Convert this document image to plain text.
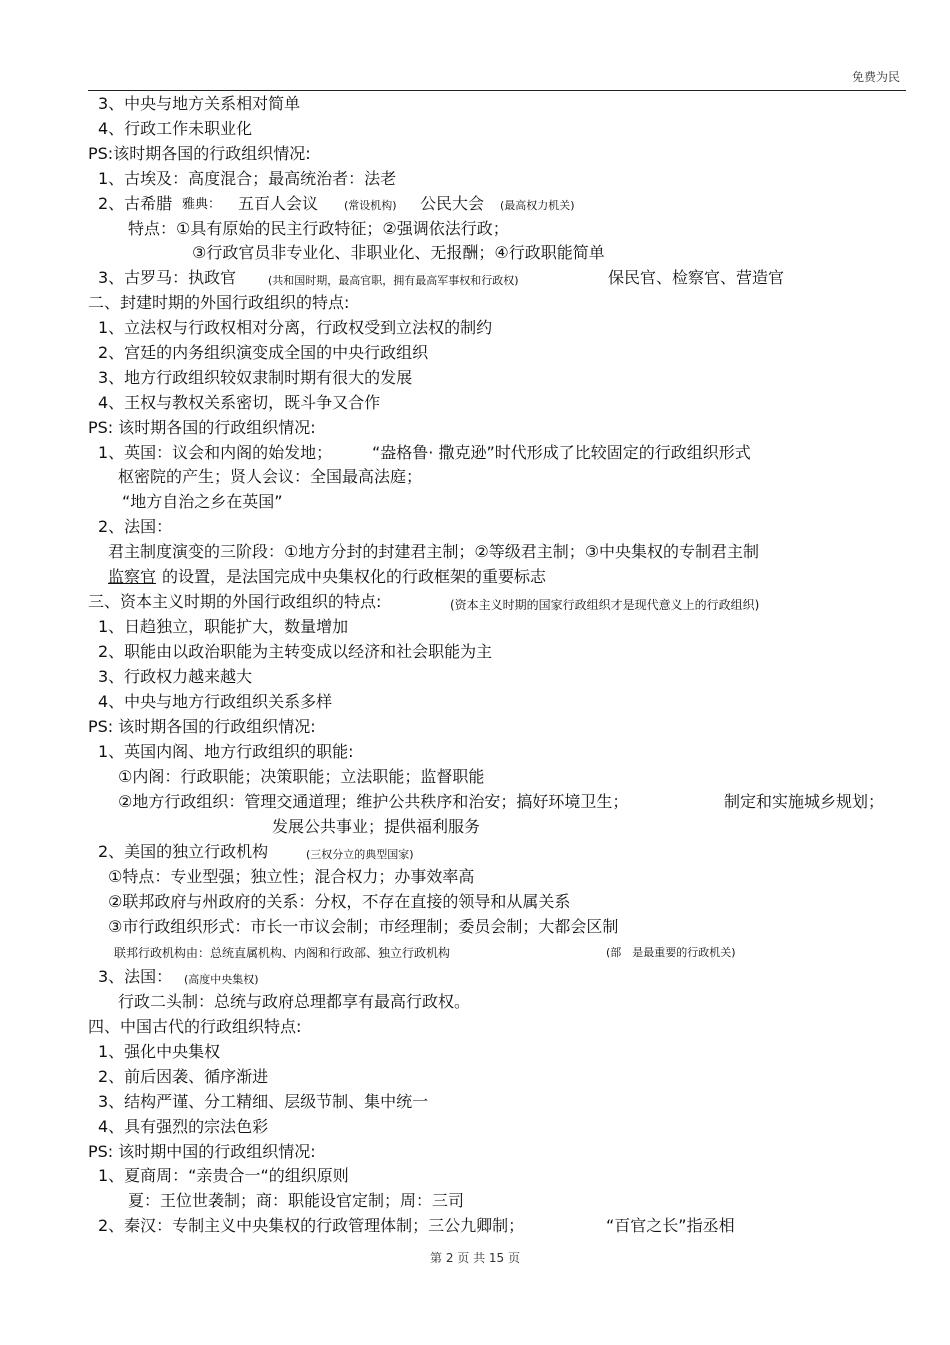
免费为民
3、中央与地方关系相对简单
4、行政工作未职业化
PS:该时期各国的行政组织情况:
1、古埃及：高度混合；最高统治者：法老
2、古希腊 雅典： 五百人会议 (常设机构) 公民大会 (最高权力机关)
特点：①具有原始的民主行政特征；②强调依法行政；
③行政官员非专业化、非职业化、无报酬；④行政职能简单
3、古罗马：执政官	(共和国时期，最高官职，拥有最高军事权和行政权)	保民官、检察官、营造官
二、封建时期的外国行政组织的特点:
1、立法权与行政权相对分离，行政权受到立法权的制约
2、宫廷的内务组织演变成全国的中央行政组织
3、地方行政组织较奴隶制时期有很大的发展
4、王权与教权关系密切，既斗争又合作
PS: 该时期各国的行政组织情况:
1、英国：议会和内阁的始发地； “盎格鲁· 撒克逊”时代形成了比较固定的行政组织形式
枢密院的产生；贤人会议：全国最高法庭；
“地方自治之乡在英国”
2、法国：
君主制度演变的三阶段：①地方分封的封建君主制；②等级君主制；③中央集权的专制君主制
监察官 的设置，是法国完成中央集权化的行政框架的重要标志
三、资本主义时期的外国行政组织的特点:	(资本主义时期的国家行政组织才是现代意义上的行政组织)
1、日趋独立，职能扩大，数量增加
2、职能由以政治职能为主转变成以经济和社会职能为主
3、行政权力越来越大
4、中央与地方行政组织关系多样
PS: 该时期各国的行政组织情况:
1、英国内阁、地方行政组织的职能:
①内阁：行政职能；决策职能；立法职能；监督职能
②地方行政组织：管理交通道理；维护公共秩序和治安；搞好环境卫生；	制定和实施城乡规划；
发展公共事业；提供福利服务
2、美国的独立行政机构	(三权分立的典型国家)
①特点：专业型强；独立性；混合权力；办事效率高
②联邦政府与州政府的关系：分权，不存在直接的领导和从属关系
③市行政组织形式：市长一市议会制；市经理制；委员会制；大都会区制
联邦行政机构由：总统直属机构、内阁和行政部、独立行政机构	(部　是最重要的行政机关)
3、法国： (高度中央集权)
行政二头制：总统与政府总理都享有最高行政权。
四、中国古代的行政组织特点:
1、强化中央集权
2、前后因袭、循序渐进
3、结构严谨、分工精细、层级节制、集中统一
4、具有强烈的宗法色彩
PS: 该时期中国的行政组织情况:
1、夏商周：“亲贵合一“的组织原则
夏：王位世袭制；商：职能设官定制；周：三司
2、秦汉：专制主义中央集权的行政管理体制；三公九卿制；	“百官之长”指丞相
第 2 页 共 15 页
